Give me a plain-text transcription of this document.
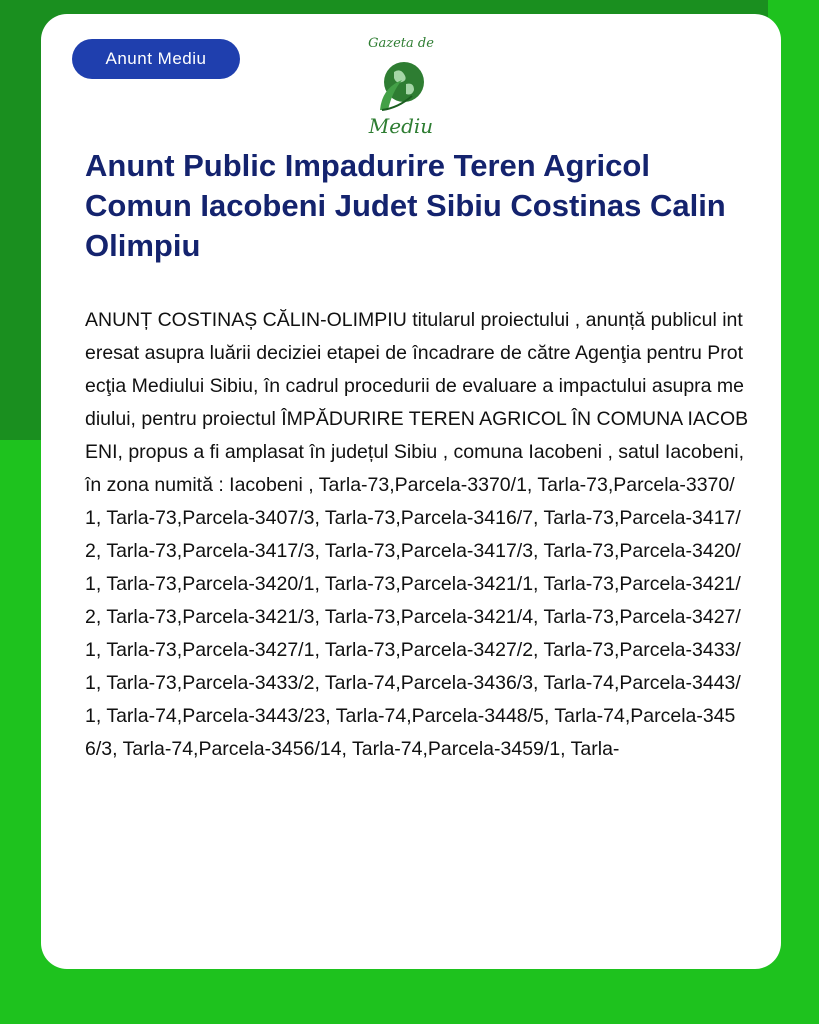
Anunt Mediu
Gazeta de
Mediu
Anunt Public Impadurire Teren Agricol Comun Iacobeni Judet Sibiu Costinas Calin Olimpiu

ANUNȚ COSTINAȘ CĂLIN-OLIMPIU titularul proiectului , anunță publicul interesat asupra luării deciziei etapei de încadrare de către Agenţia pentru Protecţia Mediului Sibiu, în cadrul procedurii de evaluare a impactului asupra mediului, pentru proiectul ÎMPĂDURIRE TEREN AGRICOL ÎN COMUNA IACOBENI, propus a fi amplasat în județul Sibiu , comuna Iacobeni , satul Iacobeni, în zona numită : Iacobeni , Tarla-73,Parcela-3370/1, Tarla-73,Parcela-3370/1, Tarla-73,Parcela-3407/3, Tarla-73,Parcela-3416/7, Tarla-73,Parcela-3417/2, Tarla-73,Parcela-3417/3, Tarla-73,Parcela-3417/3, Tarla-73,Parcela-3420/1, Tarla-73,Parcela-3420/1, Tarla-73,Parcela-3421/1, Tarla-73,Parcela-3421/2, Tarla-73,Parcela-3421/3, Tarla-73,Parcela-3421/4, Tarla-73,Parcela-3427/1, Tarla-73,Parcela-3427/1, Tarla-73,Parcela-3427/2, Tarla-73,Parcela-3433/1, Tarla-73,Parcela-3433/2, Tarla-74,Parcela-3436/3, Tarla-74,Parcela-3443/1, Tarla-74,Parcela-3443/23, Tarla-74,Parcela-3448/5, Tarla-74,Parcela-3456/3, Tarla-74,Parcela-3456/14, Tarla-74,Parcela-3459/1, Tarla-
